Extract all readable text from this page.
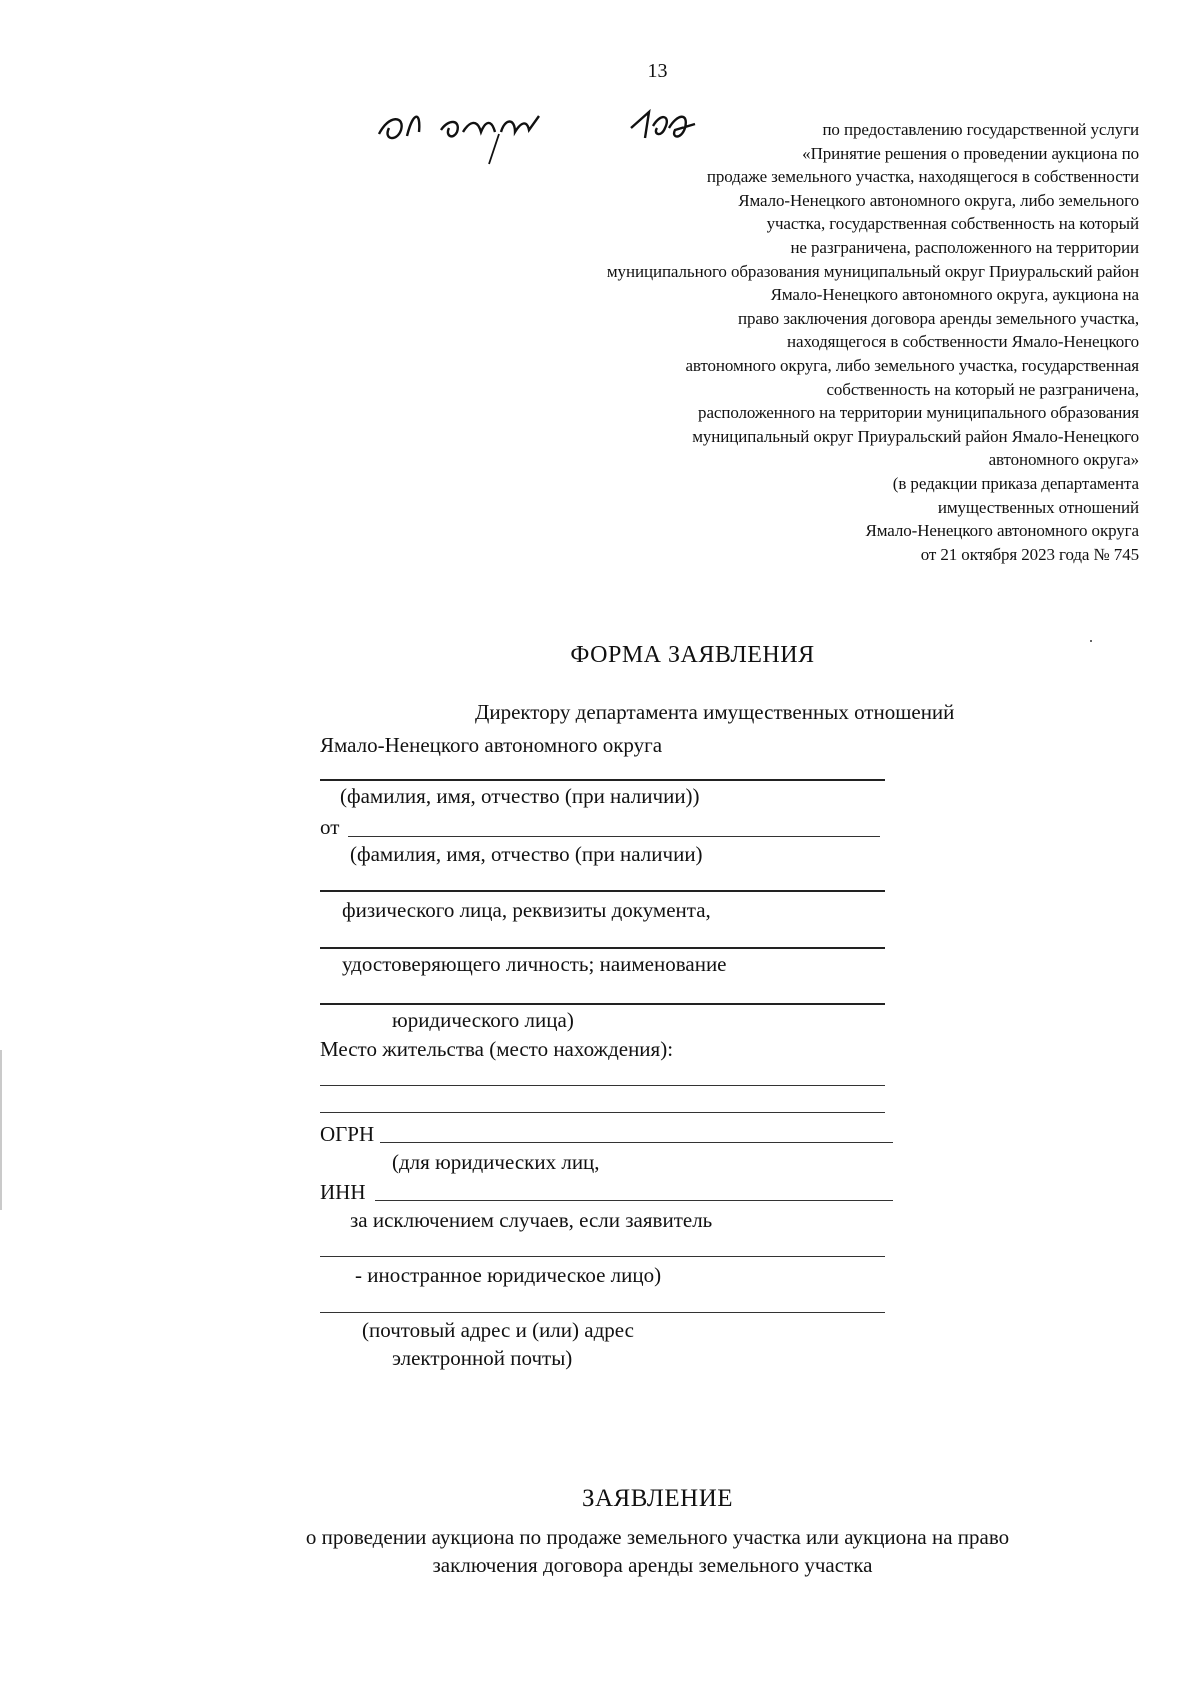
13
по предоставлению государственной услуги
«Принятие решения о проведении аукциона по
продаже земельного участка, находящегося в собственности
Ямало-Ненецкого автономного округа, либо земельного
участка, государственная собственность на который
не разграничена, расположенного на территории
муниципального образования муниципальный округ Приуральский район
Ямало-Ненецкого автономного округа, аукциона на
право заключения договора аренды земельного участка,
находящегося в собственности Ямало-Ненецкого
автономного округа, либо земельного участка, государственная
собственность на который не разграничена,
расположенного на территории муниципального образования
муниципальный округ Приуральский район Ямало-Ненецкого
автономного округа»
(в редакции приказа департамента
имущественных отношений
Ямало-Ненецкого автономного округа
от 21 октября 2023 года № 745
ФОРМА ЗАЯВЛЕНИЯ
Директору департамента имущественных отношений
Ямало-Ненецкого автономного округа
(фамилия, имя, отчество (при наличии))
от
(фамилия, имя, отчество (при наличии)
физического лица, реквизиты документа,
удостоверяющего личность; наименование
юридического лица)
Место жительства (место нахождения):
ОГРН
(для юридических лиц,
ИНН
за исключением случаев, если заявитель
- иностранное юридическое лицо)
(почтовый адрес и (или) адрес
электронной почты)
ЗАЯВЛЕНИЕ
о проведении аукциона по продаже земельного участка или аукциона на право
заключения договора аренды земельного участка
